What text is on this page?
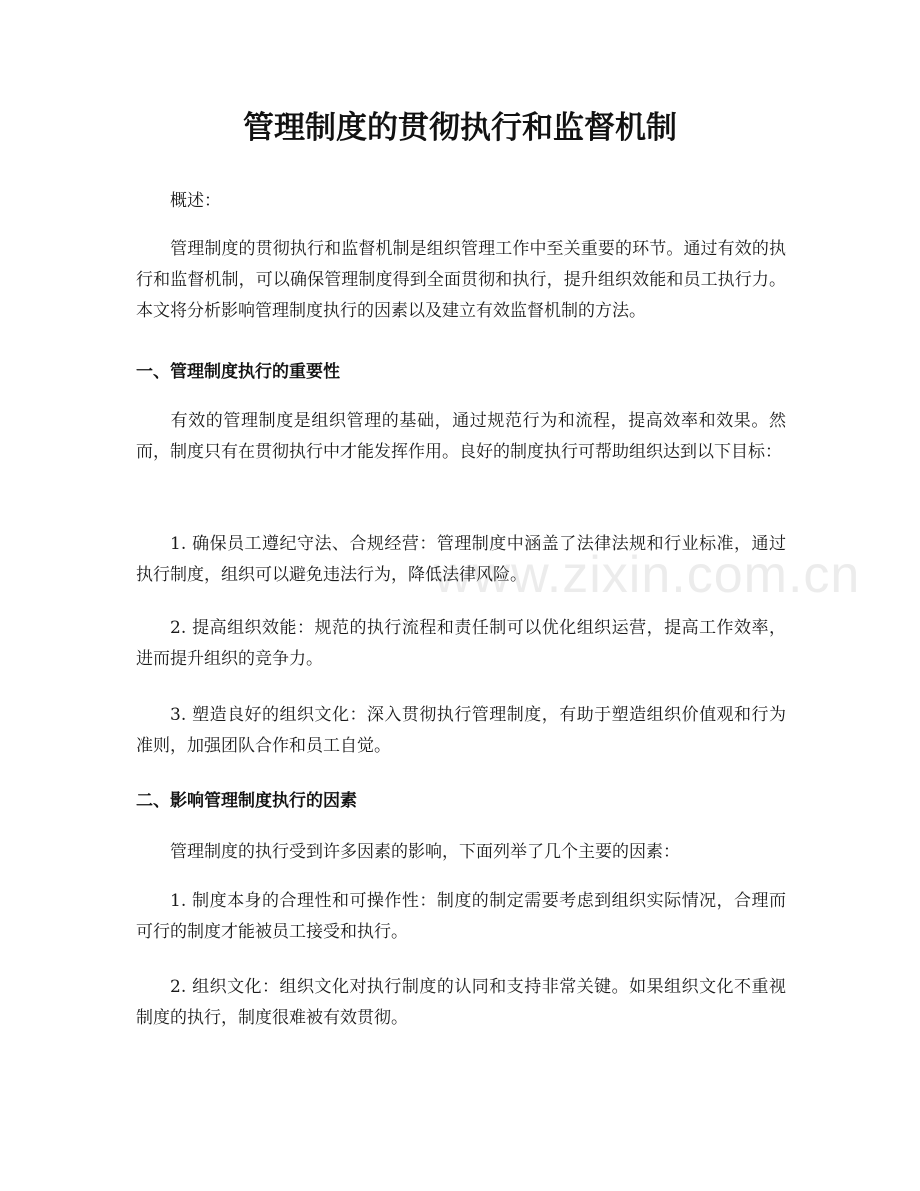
管理制度的贯彻执行和监督机制

概述：

管理制度的贯彻执行和监督机制是组织管理工作中至关重要的环节。通过有效的执行和监督机制，可以确保管理制度得到全面贯彻和执行，提升组织效能和员工执行力。本文将分析影响管理制度执行的因素以及建立有效监督机制的方法。

一、管理制度执行的重要性

有效的管理制度是组织管理的基础，通过规范行为和流程，提高效率和效果。然而，制度只有在贯彻执行中才能发挥作用。良好的制度执行可帮助组织达到以下目标：

1. 确保员工遵纪守法、合规经营：管理制度中涵盖了法律法规和行业标准，通过执行制度，组织可以避免违法行为，降低法律风险。

2. 提高组织效能：规范的执行流程和责任制可以优化组织运营，提高工作效率，进而提升组织的竞争力。

3. 塑造良好的组织文化：深入贯彻执行管理制度，有助于塑造组织价值观和行为准则，加强团队合作和员工自觉。

二、影响管理制度执行的因素

管理制度的执行受到许多因素的影响，下面列举了几个主要的因素：

1. 制度本身的合理性和可操作性：制度的制定需要考虑到组织实际情况，合理而可行的制度才能被员工接受和执行。

2. 组织文化：组织文化对执行制度的认同和支持非常关键。如果组织文化不重视制度的执行，制度很难被有效贯彻。

www.zixin.com.cn
